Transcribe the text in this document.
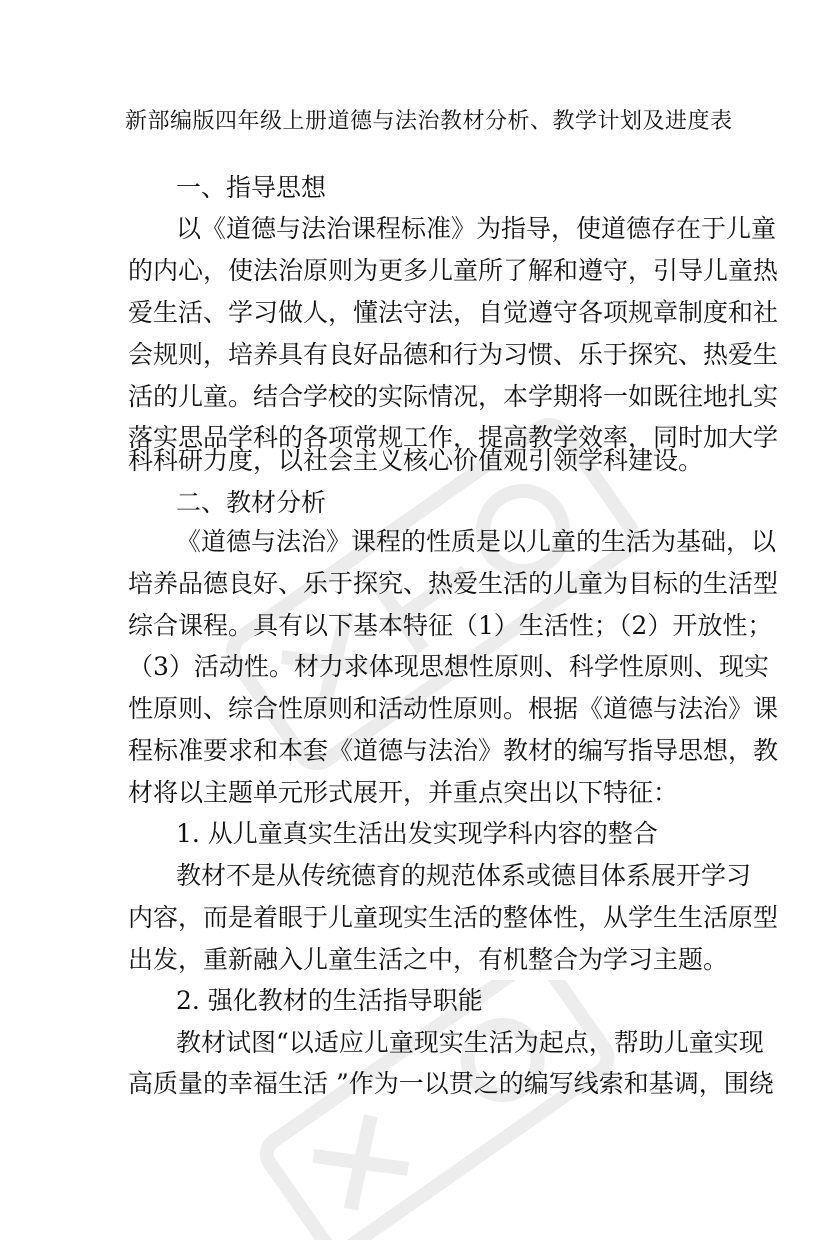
新部编版四年级上册道德与法治教材分析、教学计划及进度表
一、指导思想
以《道德与法治课程标准》为指导，使道德存在于儿童
的内心，使法治原则为更多儿童所了解和遵守，引导儿童热
爱生活、学习做人，懂法守法，自觉遵守各项规章制度和社
会规则，培养具有良好品德和行为习惯、乐于探究、热爱生
活的儿童。结合学校的实际情况，本学期将一如既往地扎实
落实思品学科的各项常规工作，提高教学效率，同时加大学
科科研力度，以社会主义核心价值观引领学科建设。
二、教材分析
《道德与法治》课程的性质是以儿童的生活为基础，以
培养品德良好、乐于探究、热爱生活的儿童为目标的生活型
综合课程。具有以下基本特征（1）生活性；（2）开放性；
（3）活动性。材力求体现思想性原则、科学性原则、现实
性原则、综合性原则和活动性原则。根据《道德与法治》课
程标准要求和本套《道德与法治》教材的编写指导思想，教
材将以主题单元形式展开，并重点突出以下特征：
1. 从儿童真实生活出发实现学科内容的整合
教材不是从传统德育的规范体系或德目体系展开学习
内容，而是着眼于儿童现实生活的整体性，从学生生活原型
出发，重新融入儿童生活之中，有机整合为学习主题。
2. 强化教材的生活指导职能
教材试图“以适应儿童现实生活为起点，帮助儿童实现
高质量的幸福生活 ”作为一以贯之的编写线索和基调，围绕
